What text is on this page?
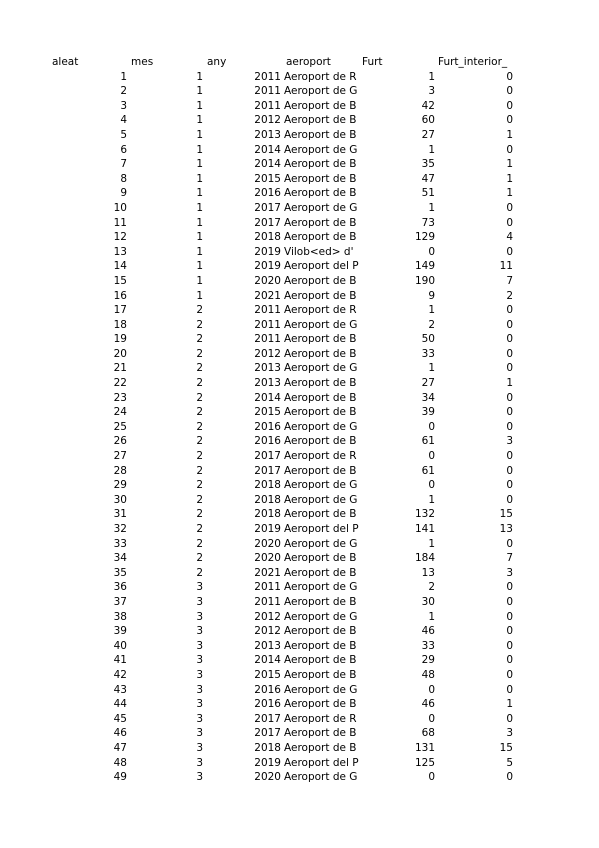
aleat	mes	any	aeroport	Furt	Furt_interior_
1	1	2011 Aeroport de R	1	0
2	1	2011 Aeroport de G	3	0
3	1	2011 Aeroport de B	42	0
4	1	2012 Aeroport de B	60	0
5	1	2013 Aeroport de B	27	1
6	1	2014 Aeroport de G	1	0
7	1	2014 Aeroport de B	35	1
8	1	2015 Aeroport de B	47	1
9	1	2016 Aeroport de B	51	1
10	1	2017 Aeroport de G	1	0
11	1	2017 Aeroport de B	73	0
12	1	2018 Aeroport de B	129	4
13	1	2019 Vilob<ed> d'	0	0
14	1	2019 Aeroport del P	149	11
15	1	2020 Aeroport de B	190	7
16	1	2021 Aeroport de B	9	2
17	2	2011 Aeroport de R	1	0
18	2	2011 Aeroport de G	2	0
19	2	2011 Aeroport de B	50	0
20	2	2012 Aeroport de B	33	0
21	2	2013 Aeroport de G	1	0
22	2	2013 Aeroport de B	27	1
23	2	2014 Aeroport de B	34	0
24	2	2015 Aeroport de B	39	0
25	2	2016 Aeroport de G	0	0
26	2	2016 Aeroport de B	61	3
27	2	2017 Aeroport de R	0	0
28	2	2017 Aeroport de B	61	0
29	2	2018 Aeroport de G	0	0
30	2	2018 Aeroport de G	1	0
31	2	2018 Aeroport de B	132	15
32	2	2019 Aeroport del P	141	13
33	2	2020 Aeroport de G	1	0
34	2	2020 Aeroport de B	184	7
35	2	2021 Aeroport de B	13	3
36	3	2011 Aeroport de G	2	0
37	3	2011 Aeroport de B	30	0
38	3	2012 Aeroport de G	1	0
39	3	2012 Aeroport de B	46	0
40	3	2013 Aeroport de B	33	0
41	3	2014 Aeroport de B	29	0
42	3	2015 Aeroport de B	48	0
43	3	2016 Aeroport de G	0	0
44	3	2016 Aeroport de B	46	1
45	3	2017 Aeroport de R	0	0
46	3	2017 Aeroport de B	68	3
47	3	2018 Aeroport de B	131	15
48	3	2019 Aeroport del P	125	5
49	3	2020 Aeroport de G	0	0
